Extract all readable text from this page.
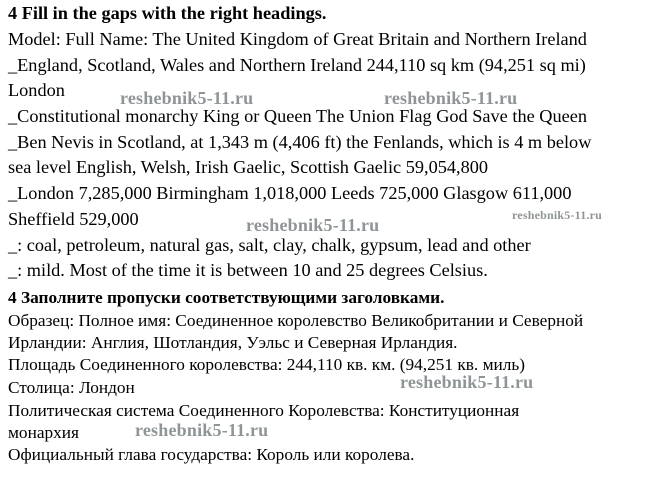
4 Fill in the gaps with the right headings.
Model: Full Name: The United Kingdom of Great Britain and Northern Ireland
_England, Scotland, Wales and Northern Ireland 244,110 sq km (94,251 sq mi)
London
_Constitutional monarchy King or Queen The Union Flag God Save the Queen
_Ben Nevis in Scotland, at 1,343 m (4,406 ft) the Fenlands, which is 4 m below
sea level English, Welsh, Irish Gaelic, Scottish Gaelic 59,054,800
_London 7,285,000 Birmingham 1,018,000 Leeds 725,000 Glasgow 611,000
Sheffield 529,000
_: coal, petroleum, natural gas, salt, clay, chalk, gypsum, lead and other
_: mild. Most of the time it is between 10 and 25 degrees Celsius.
4 Заполните пропуски соответствующими заголовками.
Образец: Полное имя: Соединенное королевство Великобритании и Северной
Ирландии: Англия, Шотландия, Уэльс и Северная Ирландия.
Площадь Соединенного королевства: 244,110 кв. км. (94,251 кв. миль)
Столица: Лондон
Политическая система Соединенного Королевства: Конституционная
монархия
Официальный глава государства: Король или королева.
reshebnik5-11.ru	reshebnik5-11.ru
reshebnik5-11.ru	reshebnik5-11.ru
reshebnik5-11.ru
reshebnik5-11.ru
